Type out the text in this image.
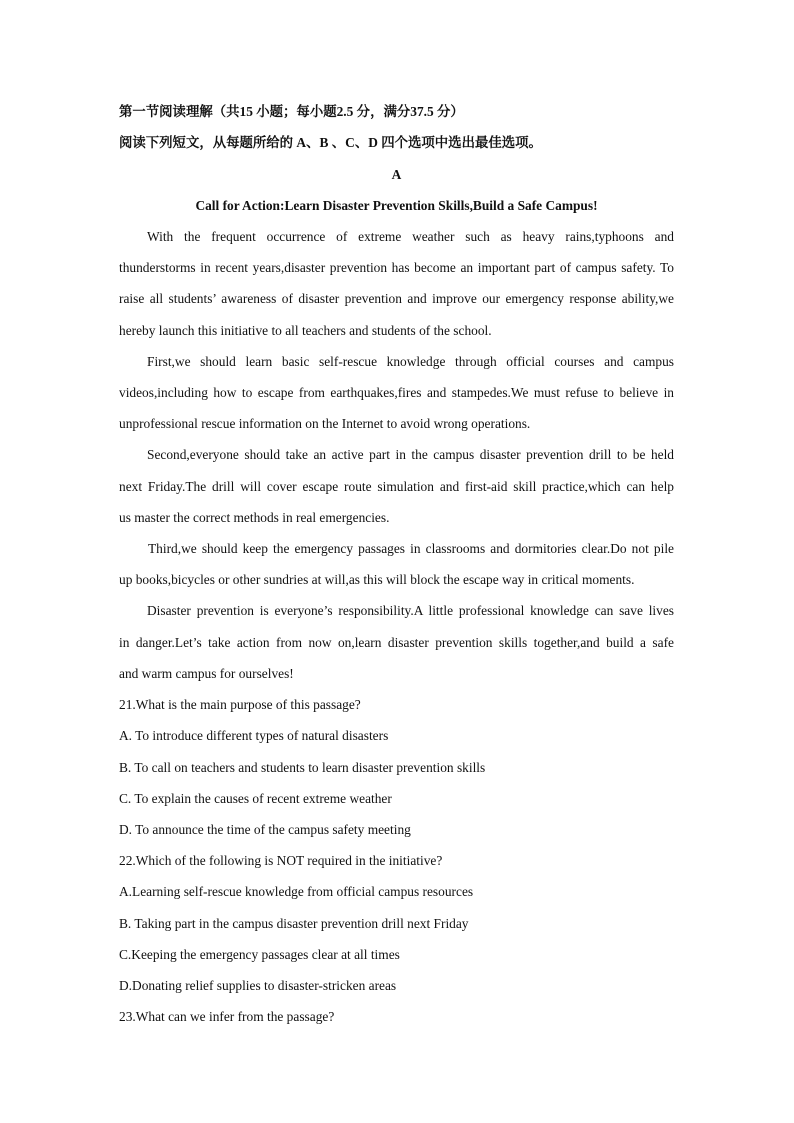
第一节阅读理解（共15 小题；每小题2.5 分，满分37.5 分）
阅读下列短文，从每题所给的 A、B 、C、D 四个选项中选出最佳选项。
A
Call for Action:Learn Disaster Prevention Skills,Build a Safe Campus!
With the frequent occurrence of extreme weather such as heavy rains,typhoons and
thunderstorms in recent years,disaster prevention has become an important part of campus safety. To
raise all students’ awareness of disaster prevention and improve our emergency response ability,we
hereby launch this initiative to all teachers and students of the school.
First,we should learn basic self-rescue knowledge through official courses and campus
videos,including how to escape from earthquakes,fires and stampedes.We must refuse to believe in
unprofessional rescue information on the Internet to avoid wrong operations.
Second,everyone should take an active part in the campus disaster prevention drill to be held
next Friday.The drill will cover escape route simulation and first-aid skill practice,which can help
us master the correct methods in real emergencies.
Third,we should keep the emergency passages in classrooms and dormitories clear.Do not pile
up books,bicycles or other sundries at will,as this will block the escape way in critical moments.
Disaster prevention is everyone’s responsibility.A little professional knowledge can save lives
in danger.Let’s take action from now on,learn disaster prevention skills together,and build a safe
and warm campus for ourselves!
21.What is the main purpose of this passage?
A. To introduce different types of natural disasters
B. To call on teachers and students to learn disaster prevention skills
C. To explain the causes of recent extreme weather
D. To announce the time of the campus safety meeting
22.Which of the following is NOT required in the initiative?
A.Learning self-rescue knowledge from official campus resources
B. Taking part in the campus disaster prevention drill next Friday
C.Keeping the emergency passages clear at all times
D.Donating relief supplies to disaster-stricken areas
23.What can we infer from the passage?
